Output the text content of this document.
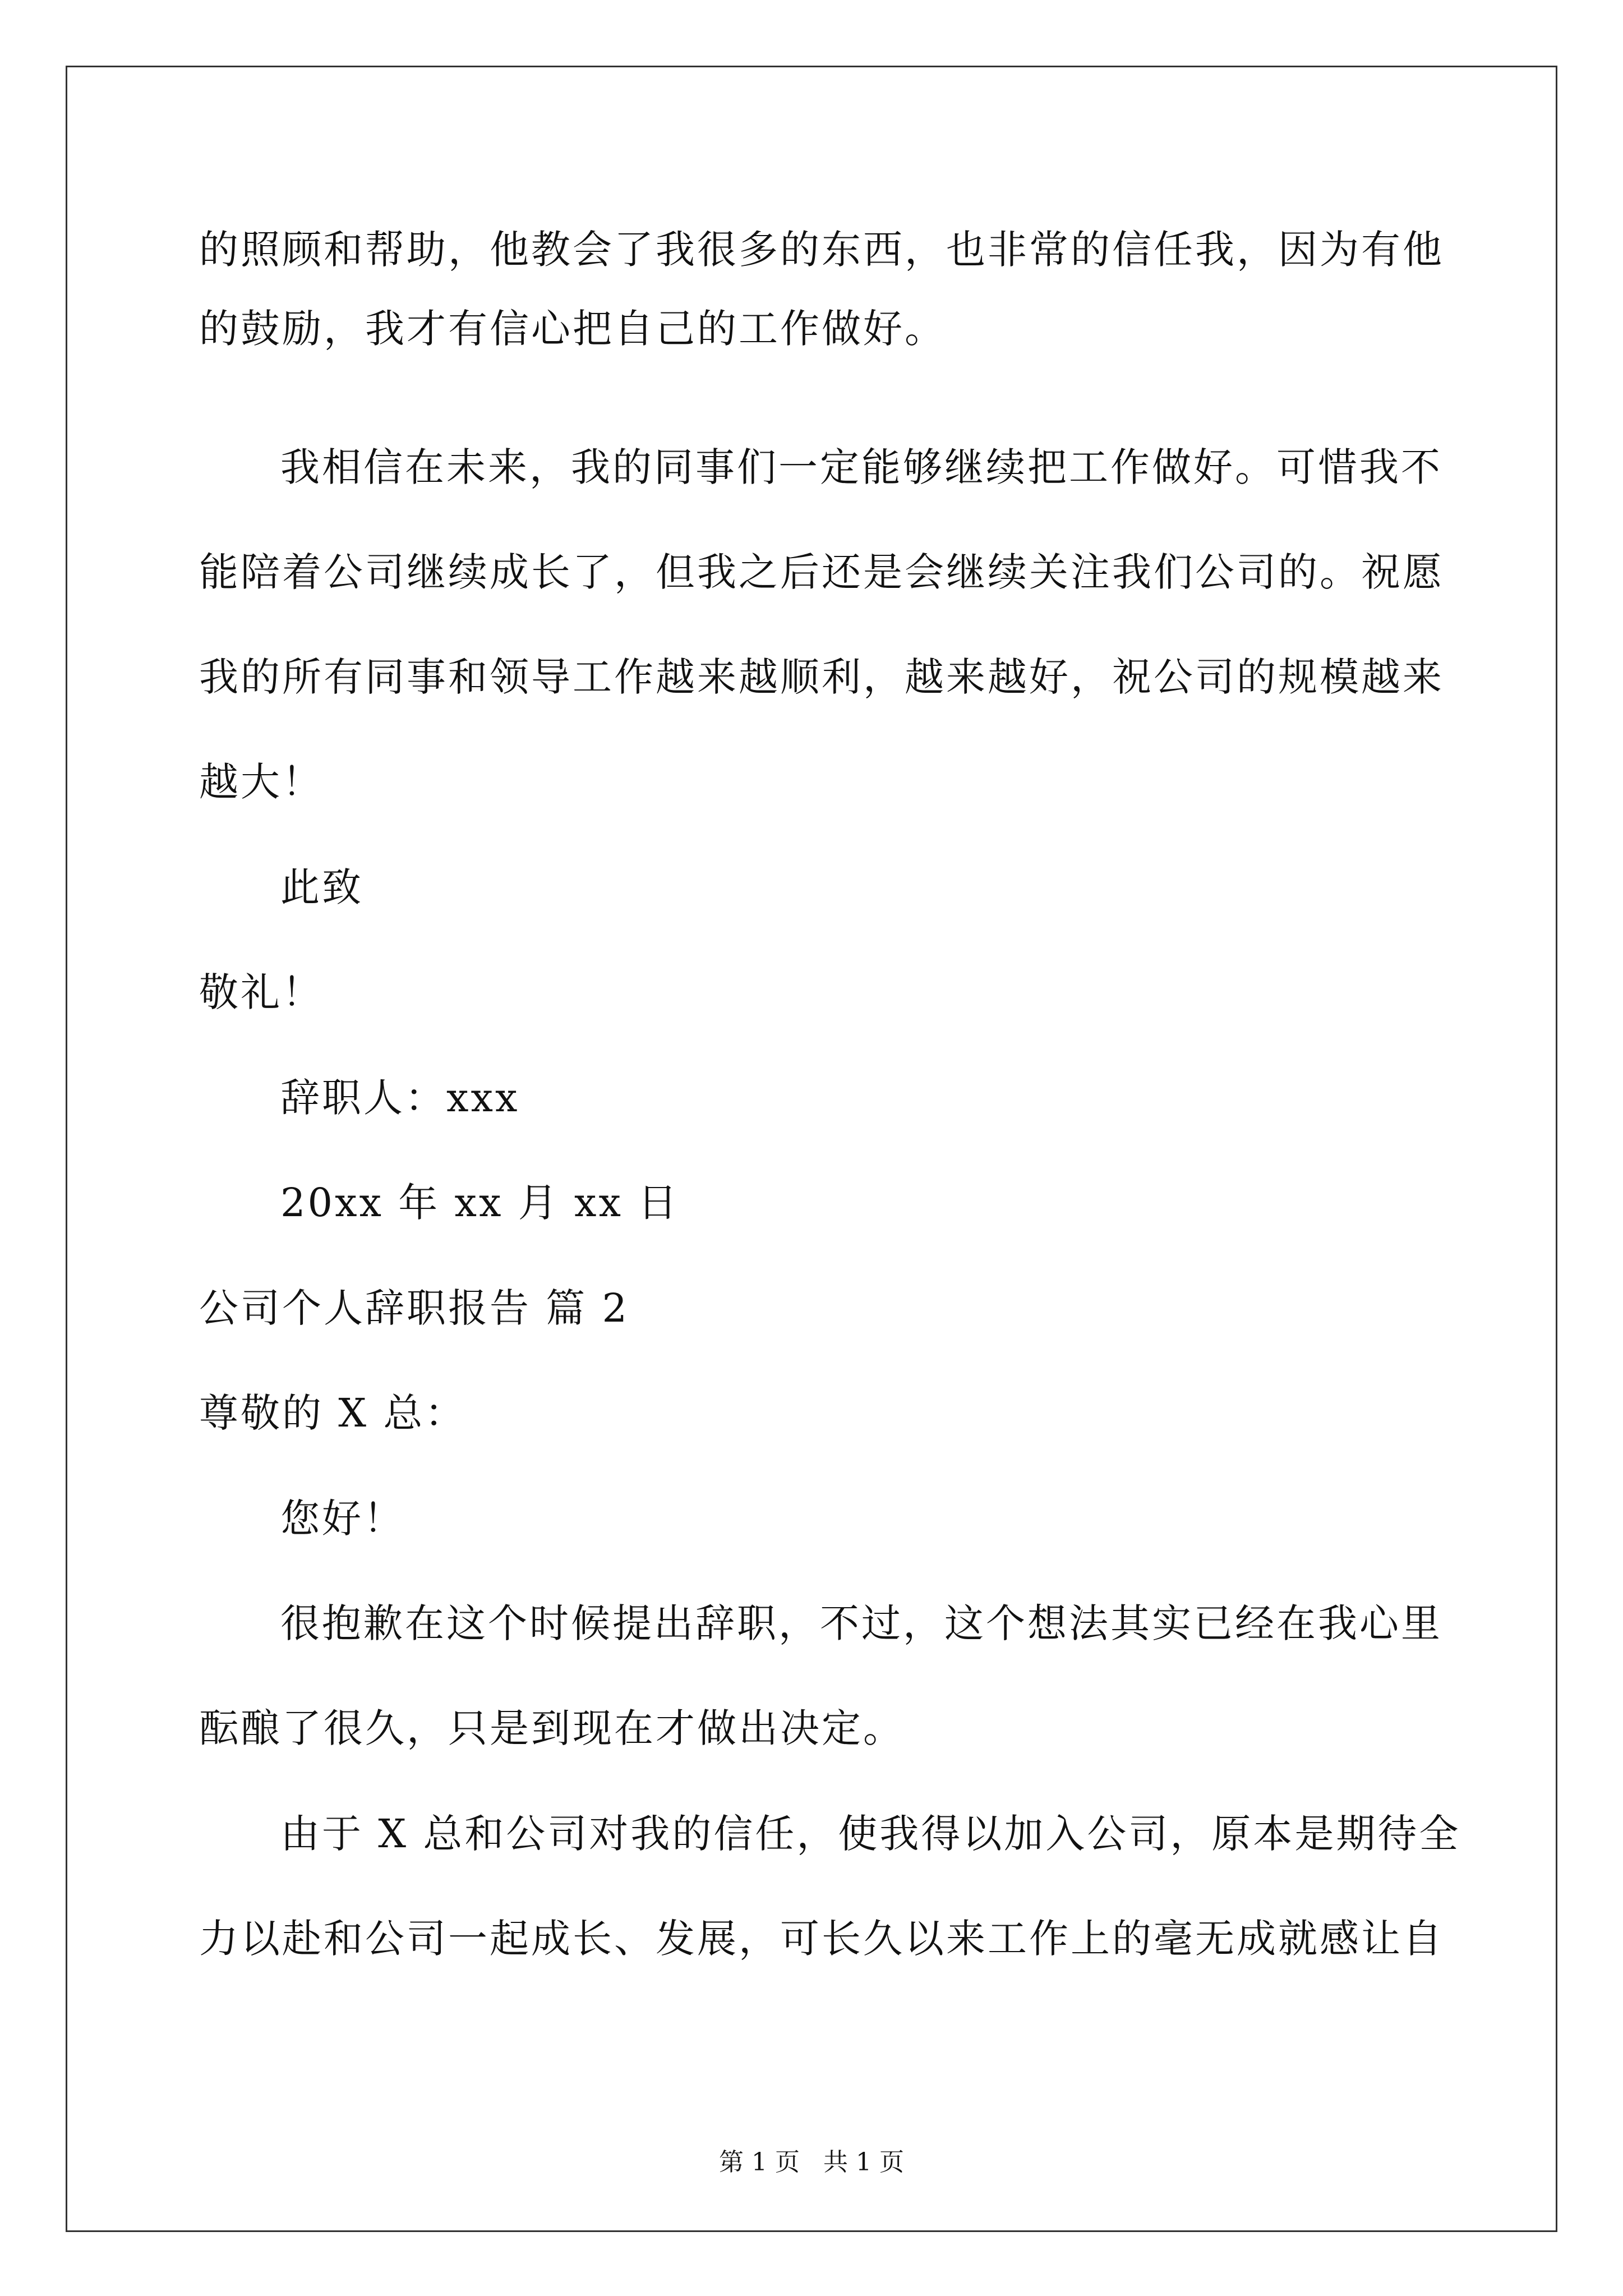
的照顾和帮助，他教会了我很多的东西，也非常的信任我，因为有他
的鼓励，我才有信心把自己的工作做好。
我相信在未来，我的同事们一定能够继续把工作做好。可惜我不
能陪着公司继续成长了，但我之后还是会继续关注我们公司的。祝愿
我的所有同事和领导工作越来越顺利，越来越好，祝公司的规模越来
越大！
此致
敬礼！
辞职人：xxx
20xx 年 xx 月 xx 日
公司个人辞职报告 篇 2
尊敬的 X 总：
您好！
很抱歉在这个时候提出辞职，不过，这个想法其实已经在我心里
酝酿了很久，只是到现在才做出决定。
由于 X 总和公司对我的信任，使我得以加入公司，原本是期待全
力以赴和公司一起成长、发展，可长久以来工作上的毫无成就感让自
第 1 页   共 1 页
